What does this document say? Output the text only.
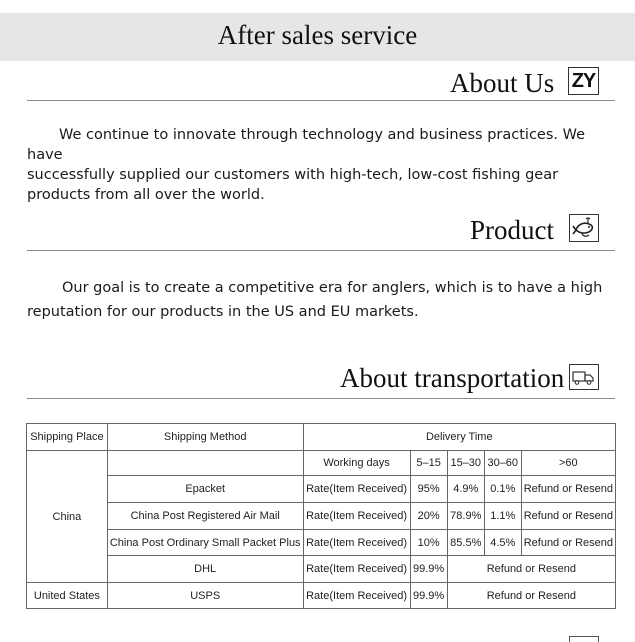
After sales service
About Us ZY

We continue to innovate through technology and business practices. We have

successfully supplied our customers with high-tech, low-cost fishing gear products from all over the world.

Product

Our goal is to create a competitive era for anglers, which is to have a high

reputation for our products in the US and EU markets.

About transportation
Shipping Place	Shipping Method	Delivery Time				
China		Working days	5–15	15–30	30–60	>60
	Epacket	Rate(Item Received)	95%	4.9%	0.1%	Refund or Resend
	China Post Registered Air Mail	Rate(Item Received)	20%	78.9%	1.1%	Refund or Resend
	China Post Ordinary Small Packet Plus	Rate(Item Received)	10%	85.5%	4.5%	Refund or Resend
	DHL	Rate(Item Received)	99.9%	Refund or Resend		
United States	USPS	Rate(Item Received)	99.9%	Refund or Resend		
